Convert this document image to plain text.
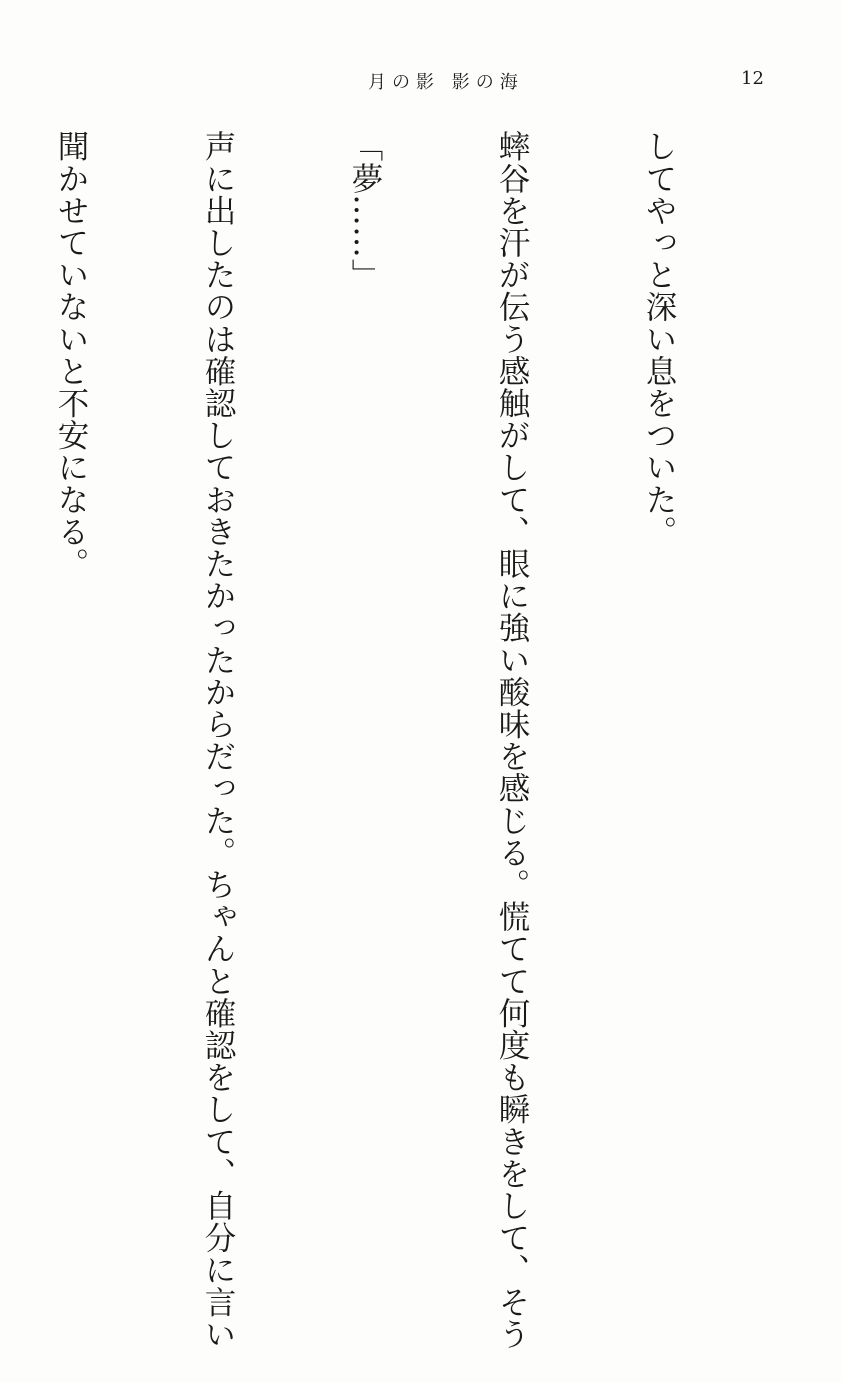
月の影 影の海	12

してやっと深い息をついた。

蟀谷を汗が伝う感触がして、眼に強い酸味を感じる。慌てて何度も瞬きをして、そう

「夢……」

声に出したのは確認しておきたかったからだった。ちゃんと確認をして、自分に言い

聞かせていないと不安になる。
